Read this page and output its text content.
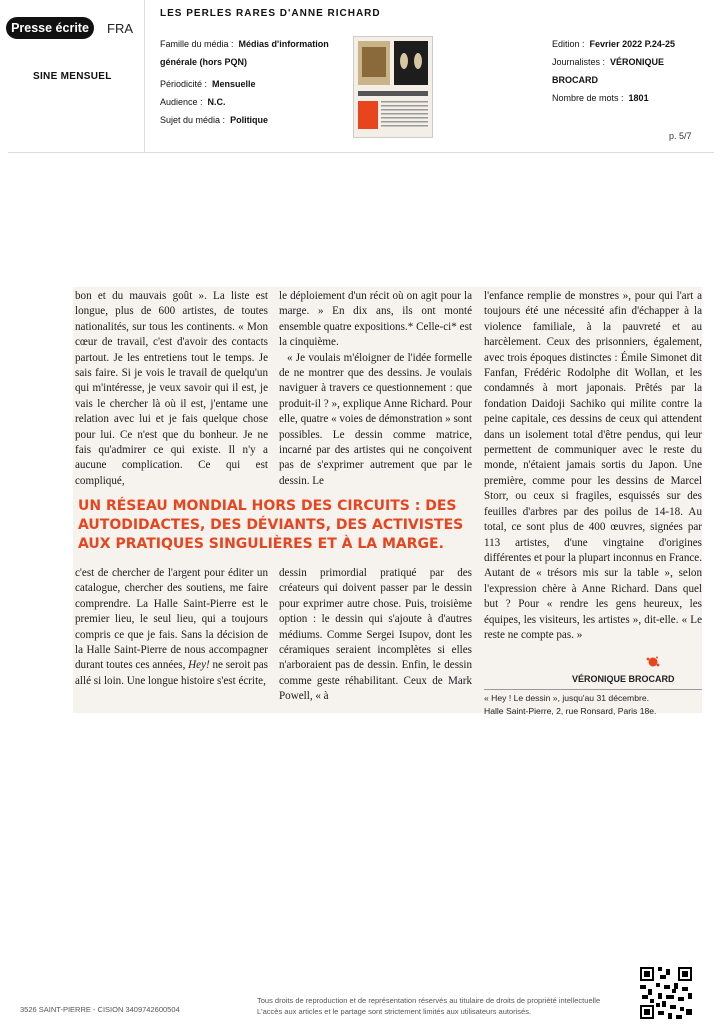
Presse écrite	FRA
SINE MENSUEL
LES PERLES RARES D'ANNE RICHARD
Famille du média : Médias d'information
générale (hors PQN)
Périodicité : Mensuelle
Audience : N.C.
Sujet du média : Politique
Edition : Fevrier 2022 P.24-25
Journalistes : VÉRONIQUE
BROCARD
Nombre de mots : 1801
p. 5/7

bon et du mauvais goût ». La liste est longue, plus de 600 artistes, de toutes nationalités, sur tous les continents. « Mon cœur de travail, c'est d'avoir des contacts partout. Je les entretiens tout le temps. Je sais faire. Si je vois le travail de quelqu'un qui m'intéresse, je veux savoir qui il est, je vais le chercher là où il est, j'entame une relation avec lui et je fais quelque chose pour lui. Ce n'est que du bonheur. Je ne fais qu'admirer ce qui existe. Il n'y a aucune complication. Ce qui est compliqué,

le déploiement d'un récit où on agit pour la marge. » En dix ans, ils ont monté ensemble quatre expositions.* Celle-ci* est la cinquième.

« Je voulais m'éloigner de l'idée formelle de ne montrer que des dessins. Je voulais naviguer à travers ce questionnement : que produit-il ? », explique Anne Richard. Pour elle, quatre « voies de démonstration » sont possibles. Le dessin comme matrice, incarné par des artistes qui ne conçoivent pas de s'exprimer autrement que par le dessin. Le

UN RÉSEAU MONDIAL HORS DES CIRCUITS : DES AUTODIDACTES, DES DÉVIANTS, DES ACTIVISTES AUX PRATIQUES SINGULIÈRES ET À LA MARGE.

c'est de chercher de l'argent pour éditer un catalogue, chercher des soutiens, me faire comprendre. La Halle Saint-Pierre est le premier lieu, le seul lieu, qui a toujours compris ce que je fais. Sans la décision de la Halle Saint-Pierre de nous accompagner durant toutes ces années, Hey! ne seroit pas allé si loin. Une longue histoire s'est écrite,

dessin primordial pratiqué par des créateurs qui doivent passer par le dessin pour exprimer autre chose. Puis, troisième option : le dessin qui s'ajoute à d'autres médiums. Comme Sergei Isupov, dont les céramiques seraient incomplètes si elles n'arboraient pas de dessin. Enfin, le dessin comme geste réhabilitant. Ceux de Mark Powell, « à

l'enfance remplie de monstres », pour qui l'art a toujours été une nécessité afin d'échapper à la violence familiale, à la pauvreté et au harcèlement. Ceux des prisonniers, également, avec trois époques distinctes : Émile Simonet dit Fanfan, Frédéric Rodolphe dit Wollan, et les condamnés à mort japonais. Prêtés par la fondation Daidoji Sachiko qui milite contre la peine capitale, ces dessins de ceux qui attendent dans un isolement total d'être pendus, qui leur permettent de communiquer avec le reste du monde, n'étaient jamais sortis du Japon. Une première, comme pour les dessins de Marcel Storr, ou ceux si fragiles, esquissés sur des feuilles d'arbres par des poilus de 14-18. Au total, ce sont plus de 400 œuvres, signées par 113 artistes, d'une vingtaine d'origines différentes et pour la plupart inconnus en France. Autant de « trésors mis sur la table », selon l'expression chère à Anne Richard. Dans quel but ? Pour « rendre les gens heureux, les équipes, les visiteurs, les artistes », dit-elle. « Le reste ne compte pas. »

VÉRONIQUE BROCARD
« Hey ! Le dessin », jusqu'au 31 décembre.
Halle Saint-Pierre, 2, rue Ronsard, Paris 18e.
3526 SAINT-PIERRE - CISION 3409742600504
Tous droits de reproduction et de représentation réservés au titulaire de droits de propriété intellectuelle
L'accès aux articles et le partage sont strictement limités aux utilisateurs autorisés.
